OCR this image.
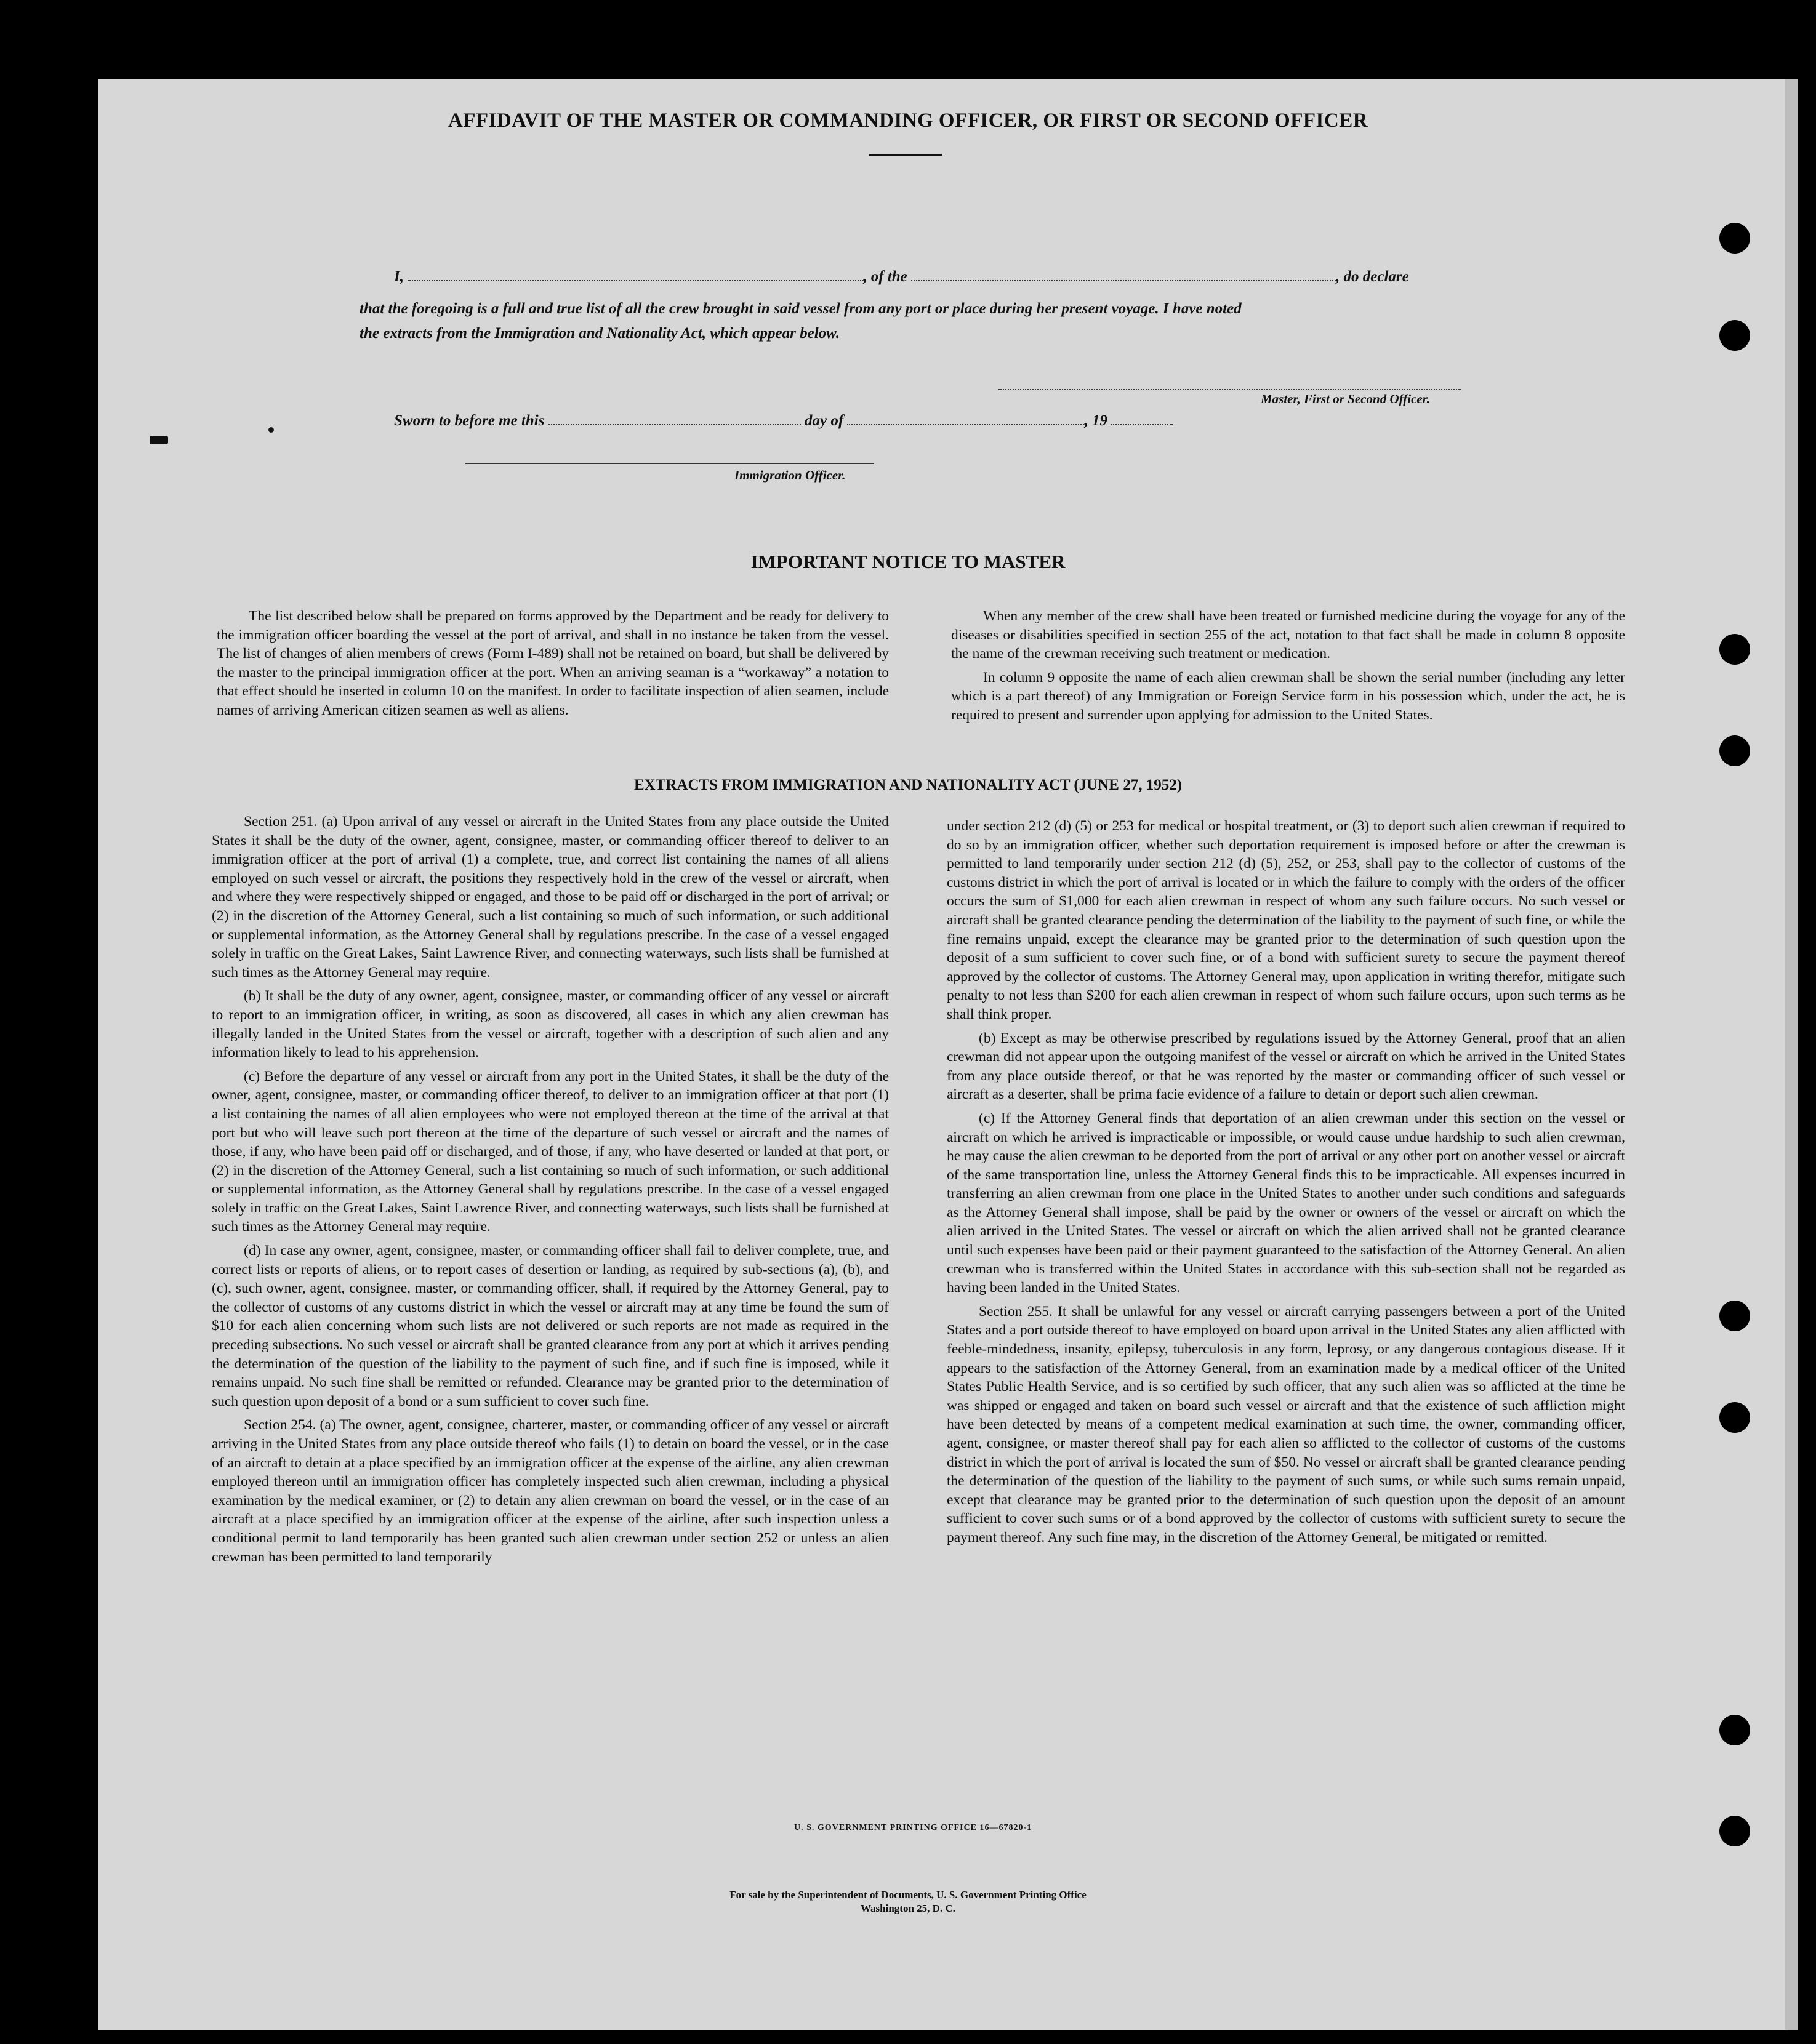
AFFIDAVIT OF THE MASTER OR COMMANDING OFFICER, OR FIRST OR SECOND OFFICER
I,	, of the	, do declare
that the foregoing is a full and true list of all the crew brought in said vessel from any port or place during her present voyage. I have noted
the extracts from the Immigration and Nationality Act, which appear below.
Master, First or Second Officer.
Sworn to before me this	day of	, 19
Immigration Officer.
IMPORTANT NOTICE TO MASTER

The list described below shall be prepared on forms approved by the Department and be ready for delivery to the immigration officer boarding the vessel at the port of arrival, and shall in no instance be taken from the vessel. The list of changes of alien members of crews (Form I-489) shall not be retained on board, but shall be delivered by the master to the principal immigration officer at the port. When an arriving seaman is a “workaway” a notation to that effect should be inserted in column 10 on the manifest. In order to facilitate inspection of alien seamen, include names of arriving American citizen seamen as well as aliens.

When any member of the crew shall have been treated or furnished medicine during the voyage for any of the diseases or disabilities specified in section 255 of the act, notation to that fact shall be made in column 8 opposite the name of the crewman receiving such treatment or medication.

In column 9 opposite the name of each alien crewman shall be shown the serial number (including any letter which is a part thereof) of any Immigration or Foreign Service form in his possession which, under the act, he is required to present and surrender upon applying for admission to the United States.

EXTRACTS FROM IMMIGRATION AND NATIONALITY ACT (JUNE 27, 1952)

Section 251. (a) Upon arrival of any vessel or aircraft in the United States from any place outside the United States it shall be the duty of the owner, agent, consignee, master, or commanding officer thereof to deliver to an immigration officer at the port of arrival (1) a complete, true, and correct list containing the names of all aliens employed on such vessel or aircraft, the positions they respectively hold in the crew of the vessel or aircraft, when and where they were respectively shipped or engaged, and those to be paid off or discharged in the port of arrival; or (2) in the discretion of the Attorney General, such a list containing so much of such information, or such additional or supplemental information, as the Attorney General shall by regulations prescribe. In the case of a vessel engaged solely in traffic on the Great Lakes, Saint Lawrence River, and connecting waterways, such lists shall be furnished at such times as the Attorney General may require.

(b) It shall be the duty of any owner, agent, consignee, master, or commanding officer of any vessel or aircraft to report to an immigration officer, in writing, as soon as discovered, all cases in which any alien crewman has illegally landed in the United States from the vessel or aircraft, together with a description of such alien and any information likely to lead to his apprehension.

(c) Before the departure of any vessel or aircraft from any port in the United States, it shall be the duty of the owner, agent, consignee, master, or commanding officer thereof, to deliver to an immigration officer at that port (1) a list containing the names of all alien employees who were not employed thereon at the time of the arrival at that port but who will leave such port thereon at the time of the departure of such vessel or aircraft and the names of those, if any, who have been paid off or discharged, and of those, if any, who have deserted or landed at that port, or (2) in the discretion of the Attorney General, such a list containing so much of such information, or such additional or supplemental information, as the Attorney General shall by regulations prescribe. In the case of a vessel engaged solely in traffic on the Great Lakes, Saint Lawrence River, and connecting waterways, such lists shall be furnished at such times as the Attorney General may require.

(d) In case any owner, agent, consignee, master, or commanding officer shall fail to deliver complete, true, and correct lists or reports of aliens, or to report cases of desertion or landing, as required by sub-sections (a), (b), and (c), such owner, agent, consignee, master, or commanding officer, shall, if required by the Attorney General, pay to the collector of customs of any customs district in which the vessel or aircraft may at any time be found the sum of $10 for each alien concerning whom such lists are not delivered or such reports are not made as required in the preceding subsections. No such vessel or aircraft shall be granted clearance from any port at which it arrives pending the determination of the question of the liability to the payment of such fine, and if such fine is imposed, while it remains unpaid. No such fine shall be remitted or refunded. Clearance may be granted prior to the determination of such question upon deposit of a bond or a sum sufficient to cover such fine.

Section 254. (a) The owner, agent, consignee, charterer, master, or commanding officer of any vessel or aircraft arriving in the United States from any place outside thereof who fails (1) to detain on board the vessel, or in the case of an aircraft to detain at a place specified by an immigration officer at the expense of the airline, any alien crewman employed thereon until an immigration officer has completely inspected such alien crewman, including a physical examination by the medical examiner, or (2) to detain any alien crewman on board the vessel, or in the case of an aircraft at a place specified by an immigration officer at the expense of the airline, after such inspection unless a conditional permit to land temporarily has been granted such alien crewman under section 252 or unless an alien crewman has been permitted to land temporarily

under section 212 (d) (5) or 253 for medical or hospital treatment, or (3) to deport such alien crewman if required to do so by an immigration officer, whether such deportation requirement is imposed before or after the crewman is permitted to land temporarily under section 212 (d) (5), 252, or 253, shall pay to the collector of customs of the customs district in which the port of arrival is located or in which the failure to comply with the orders of the officer occurs the sum of $1,000 for each alien crewman in respect of whom any such failure occurs. No such vessel or aircraft shall be granted clearance pending the determination of the liability to the payment of such fine, or while the fine remains unpaid, except the clearance may be granted prior to the determination of such question upon the deposit of a sum sufficient to cover such fine, or of a bond with sufficient surety to secure the payment thereof approved by the collector of customs. The Attorney General may, upon application in writing therefor, mitigate such penalty to not less than $200 for each alien crewman in respect of whom such failure occurs, upon such terms as he shall think proper.

(b) Except as may be otherwise prescribed by regulations issued by the Attorney General, proof that an alien crewman did not appear upon the outgoing manifest of the vessel or aircraft on which he arrived in the United States from any place outside thereof, or that he was reported by the master or commanding officer of such vessel or aircraft as a deserter, shall be prima facie evidence of a failure to detain or deport such alien crewman.

(c) If the Attorney General finds that deportation of an alien crewman under this section on the vessel or aircraft on which he arrived is impracticable or impossible, or would cause undue hardship to such alien crewman, he may cause the alien crewman to be deported from the port of arrival or any other port on another vessel or aircraft of the same transportation line, unless the Attorney General finds this to be impracticable. All expenses incurred in transferring an alien crewman from one place in the United States to another under such conditions and safeguards as the Attorney General shall impose, shall be paid by the owner or owners of the vessel or aircraft on which the alien arrived in the United States. The vessel or aircraft on which the alien arrived shall not be granted clearance until such expenses have been paid or their payment guaranteed to the satisfaction of the Attorney General. An alien crewman who is transferred within the United States in accordance with this sub-section shall not be regarded as having been landed in the United States.

Section 255. It shall be unlawful for any vessel or aircraft carrying passengers between a port of the United States and a port outside thereof to have employed on board upon arrival in the United States any alien afflicted with feeble-mindedness, insanity, epilepsy, tuberculosis in any form, leprosy, or any dangerous contagious disease. If it appears to the satisfaction of the Attorney General, from an examination made by a medical officer of the United States Public Health Service, and is so certified by such officer, that any such alien was so afflicted at the time he was shipped or engaged and taken on board such vessel or aircraft and that the existence of such affliction might have been detected by means of a competent medical examination at such time, the owner, commanding officer, agent, consignee, or master thereof shall pay for each alien so afflicted to the collector of customs of the customs district in which the port of arrival is located the sum of $50. No vessel or aircraft shall be granted clearance pending the determination of the question of the liability to the payment of such sums, or while such sums remain unpaid, except that clearance may be granted prior to the determination of such question upon the deposit of an amount sufficient to cover such sums or of a bond approved by the collector of customs with sufficient surety to secure the payment thereof. Any such fine may, in the discretion of the Attorney General, be mitigated or remitted.

U. S. GOVERNMENT PRINTING OFFICE 16—67820-1
For sale by the Superintendent of Documents, U. S. Government Printing Office
Washington 25, D. C.
